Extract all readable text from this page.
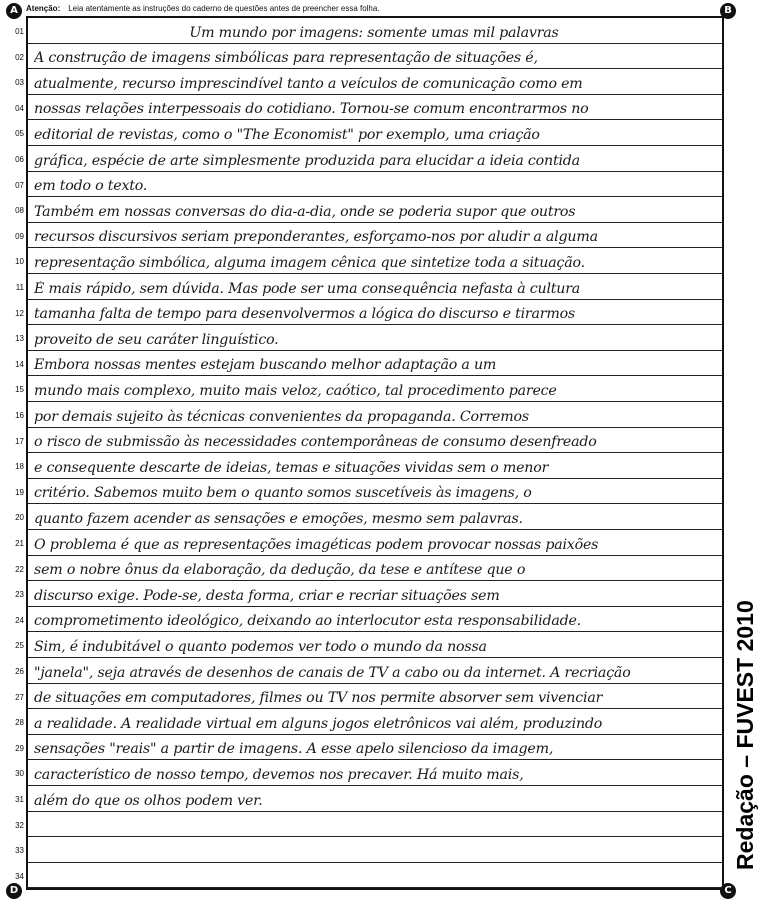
A	B
C
D
Atenção: Leia atentamente as instruções do caderno de questões antes de preencher essa folha.
01	Um mundo por imagens: somente umas mil palavras
02 A construção de imagens simbólicas para representação de situações é,
03 atualmente, recurso imprescindível tanto a veículos de comunicação como em
04 nossas relações interpessoais do cotidiano. Tornou-se comum encontrarmos no
05 editorial de revistas, como o "The Economist" por exemplo, uma criação
06 gráfica, espécie de arte simplesmente produzida para elucidar a ideia contida
07 em todo o texto.
08 Também em nossas conversas do dia-a-dia, onde se poderia supor que outros
09 recursos discursivos seriam preponderantes, esforçamo-nos por aludir a alguma
10 representação simbólica, alguma imagem cênica que sintetize toda a situação.
11 É mais rápido, sem dúvida. Mas pode ser uma consequência nefasta à cultura
12 tamanha falta de tempo para desenvolvermos a lógica do discurso e tirarmos
13 proveito de seu caráter linguístico.
14 Embora nossas mentes estejam buscando melhor adaptação a um
15 mundo mais complexo, muito mais veloz, caótico, tal procedimento parece
16 por demais sujeito às técnicas convenientes da propaganda. Corremos
17 o risco de submissão às necessidades contemporâneas de consumo desenfreado
18 e consequente descarte de ideias, temas e situações vividas sem o menor
19 critério. Sabemos muito bem o quanto somos suscetíveis às imagens, o
20 quanto fazem acender as sensações e emoções, mesmo sem palavras.
21 O problema é que as representações imagéticas podem provocar nossas paixões
22 sem o nobre ônus da elaboração, da dedução, da tese e antítese que o
23 discurso exige. Pode-se, desta forma, criar e recriar situações sem
24 comprometimento ideológico, deixando ao interlocutor esta responsabilidade.
25 Sim, é indubitável o quanto podemos ver todo o mundo da nossa
26 "janela", seja através de desenhos de canais de TV a cabo ou da internet. A recriação
27 de situações em computadores, filmes ou TV nos permite absorver sem vivenciar
28 a realidade. A realidade virtual em alguns jogos eletrônicos vai além, produzindo
29 sensações "reais" a partir de imagens. A esse apelo silencioso da imagem,
30 característico de nosso tempo, devemos nos precaver. Há muito mais,
31 além do que os olhos podem ver.
32
33
34
Redação – FUVEST 2010
